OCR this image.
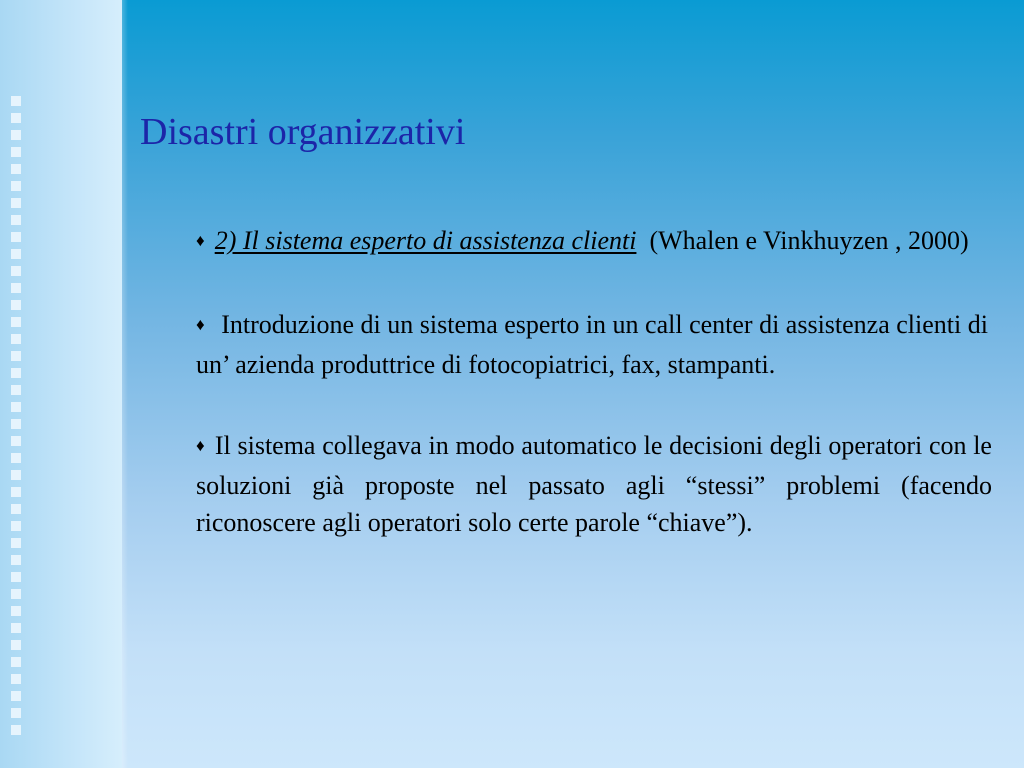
Disastri organizzativi

♦ 2) Il sistema esperto di assistenza clienti (Whalen e Vinkhuyzen , 2000)

♦ Introduzione di un sistema esperto in un call center di assistenza clienti di un’ azienda produttrice di fotocopiatrici, fax, stampanti.

♦ Il sistema collegava in modo automatico le decisioni degli operatori con le soluzioni già proposte nel passato agli “stessi” problemi (facendo riconoscere agli operatori solo certe parole “chiave”).
